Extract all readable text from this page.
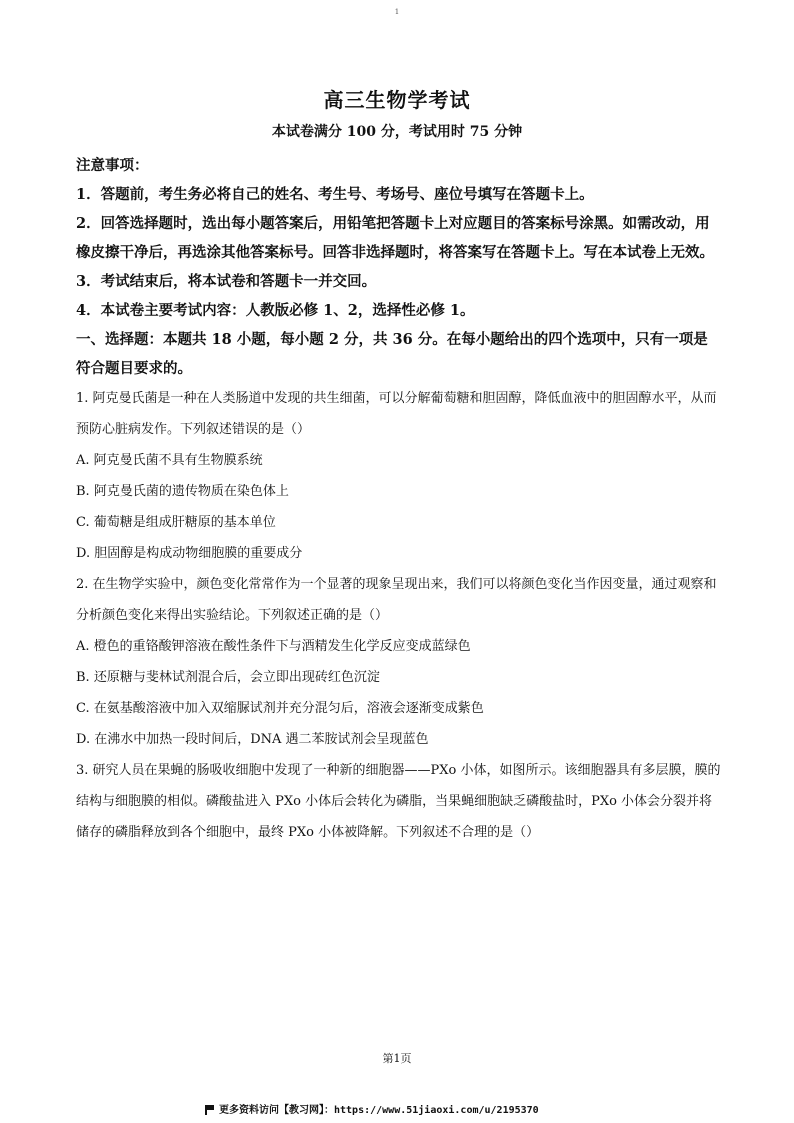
1
高三生物学考试
本试卷满分 100 分，考试用时 75 分钟

注意事项：

1．答题前，考生务必将自己的姓名、考生号、考场号、座位号填写在答题卡上。

2．回答选择题时，选出每小题答案后，用铅笔把答题卡上对应题目的答案标号涂黑。如需改动，用橡皮擦干净后，再选涂其他答案标号。回答非选择题时，将答案写在答题卡上。写在本试卷上无效。

3．考试结束后，将本试卷和答题卡一并交回。

4．本试卷主要考试内容：人教版必修 1、2，选择性必修 1。

一、选择题：本题共 18 小题，每小题 2 分，共 36 分。在每小题给出的四个选项中，只有一项是符合题目要求的。

1. 阿克曼氏菌是一种在人类肠道中发现的共生细菌，可以分解葡萄糖和胆固醇，降低血液中的胆固醇水平，从而预防心脏病发作。下列叙述错误的是（）

A. 阿克曼氏菌不具有生物膜系统

B. 阿克曼氏菌的遗传物质在染色体上

C. 葡萄糖是组成肝糖原的基本单位

D. 胆固醇是构成动物细胞膜的重要成分

2. 在生物学实验中，颜色变化常常作为一个显著的现象呈现出来，我们可以将颜色变化当作因变量，通过观察和分析颜色变化来得出实验结论。下列叙述正确的是（）

A. 橙色的重铬酸钾溶液在酸性条件下与酒精发生化学反应变成蓝绿色

B. 还原糖与斐林试剂混合后，会立即出现砖红色沉淀

C. 在氨基酸溶液中加入双缩脲试剂并充分混匀后，溶液会逐渐变成紫色

D. 在沸水中加热一段时间后，DNA 遇二苯胺试剂会呈现蓝色

3. 研究人员在果蝇的肠吸收细胞中发现了一种新的细胞器——PXo 小体，如图所示。该细胞器具有多层膜，膜的结构与细胞膜的相似。磷酸盐进入 PXo 小体后会转化为磷脂，当果蝇细胞缺乏磷酸盐时，PXo 小体会分裂并将储存的磷脂释放到各个细胞中，最终 PXo 小体被降解。下列叙述不合理的是（）

第1页
更多资料访问【教习网】：https://www.51jiaoxi.com/u/2195370
